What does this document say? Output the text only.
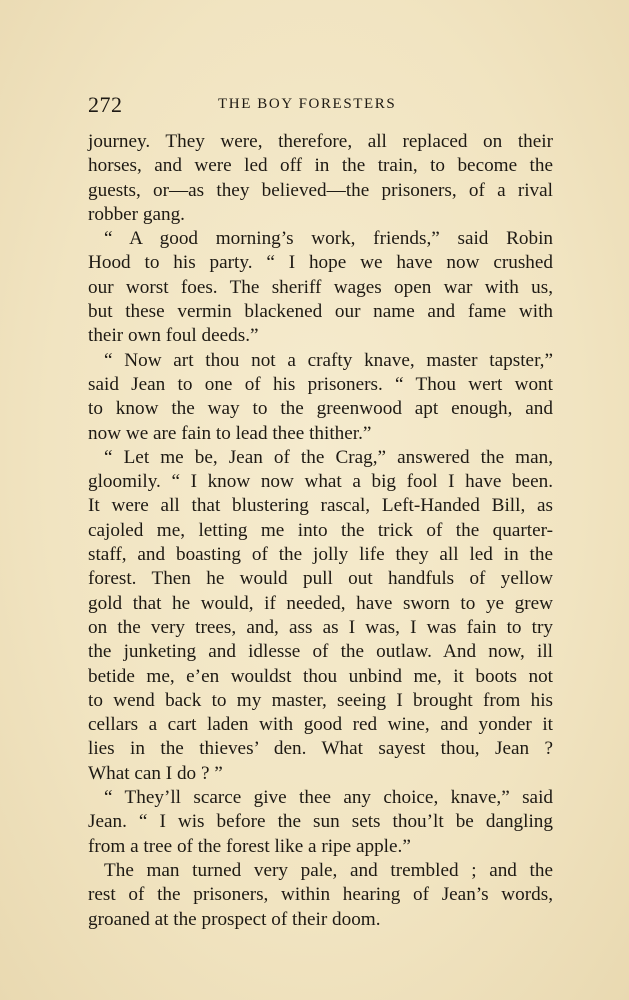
272	THE BOY FORESTERS
journey. They were, therefore, all replaced on their
horses, and were led off in the train, to become the
guests, or—as they believed—the prisoners, of a rival
robber gang.
“ A good morning’s work, friends,” said Robin
Hood to his party. “ I hope we have now crushed
our worst foes. The sheriff wages open war with us,
but these vermin blackened our name and fame with
their own foul deeds.”
“ Now art thou not a crafty knave, master tapster,”
said Jean to one of his prisoners. “ Thou wert wont
to know the way to the greenwood apt enough, and
now we are fain to lead thee thither.”
“ Let me be, Jean of the Crag,” answered the man,
gloomily. “ I know now what a big fool I have been.
It were all that blustering rascal, Left-Handed Bill, as
cajoled me, letting me into the trick of the quarter-
staff, and boasting of the jolly life they all led in the
forest. Then he would pull out handfuls of yellow
gold that he would, if needed, have sworn to ye grew
on the very trees, and, ass as I was, I was fain to try
the junketing and idlesse of the outlaw. And now, ill
betide me, e’en wouldst thou unbind me, it boots not
to wend back to my master, seeing I brought from his
cellars a cart laden with good red wine, and yonder it
lies in the thieves’ den. What sayest thou, Jean ?
What can I do ? ”
“ They’ll scarce give thee any choice, knave,” said
Jean. “ I wis before the sun sets thou’lt be dangling
from a tree of the forest like a ripe apple.”
The man turned very pale, and trembled ; and the
rest of the prisoners, within hearing of Jean’s words,
groaned at the prospect of their doom.
